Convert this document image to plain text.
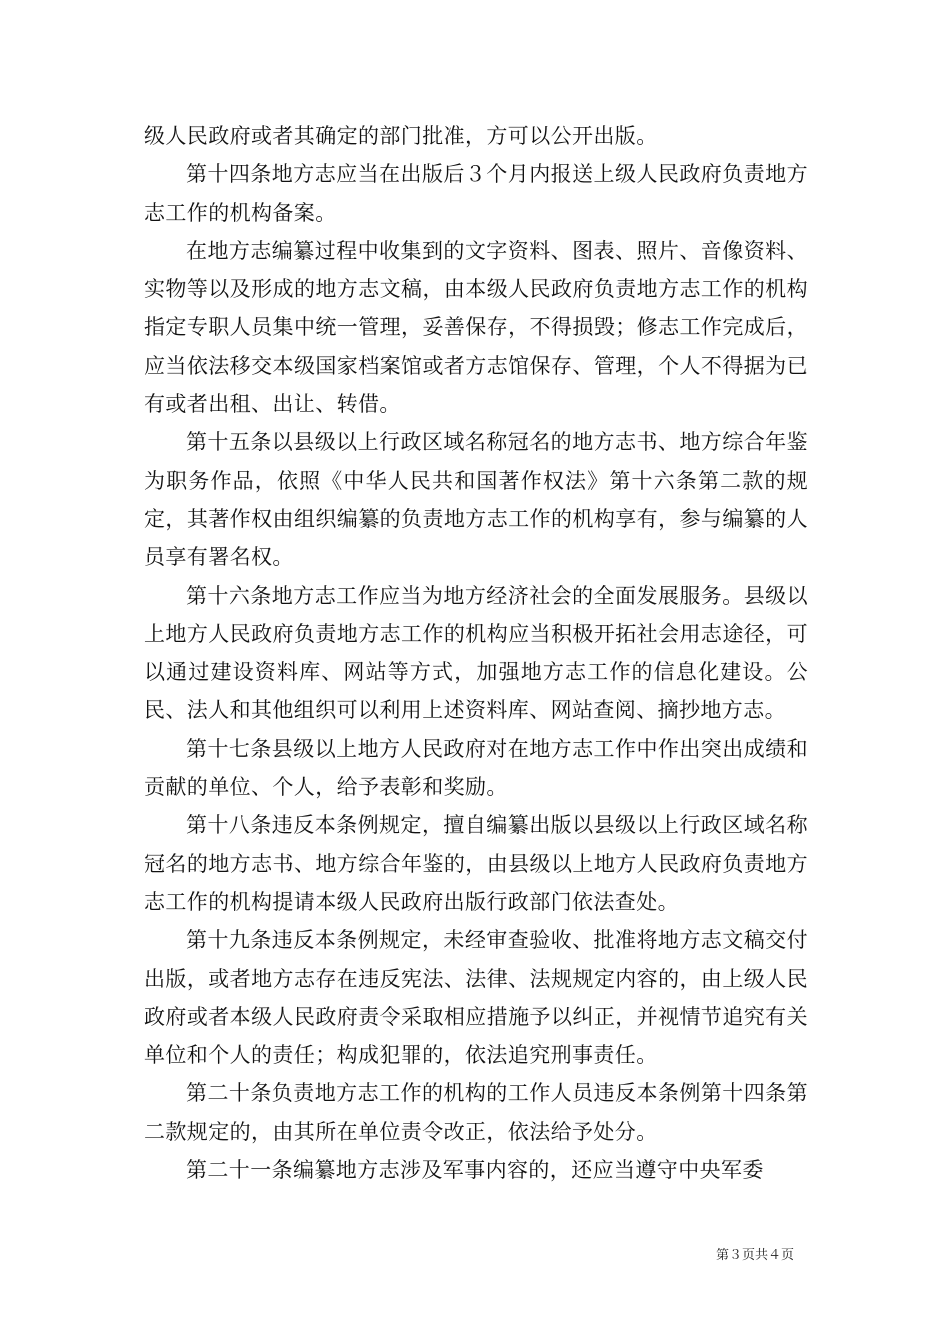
级人民政府或者其确定的部门批准，方可以公开出版。

第十四条地方志应当在出版后３个月内报送上级人民政府负责地方志工作的机构备案。

在地方志编纂过程中收集到的文字资料、图表、照片、音像资料、实物等以及形成的地方志文稿，由本级人民政府负责地方志工作的机构指定专职人员集中统一管理，妥善保存，不得损毁；修志工作完成后，应当依法移交本级国家档案馆或者方志馆保存、管理，个人不得据为已有或者出租、出让、转借。

第十五条以县级以上行政区域名称冠名的地方志书、地方综合年鉴为职务作品，依照《中华人民共和国著作权法》第十六条第二款的规定，其著作权由组织编纂的负责地方志工作的机构享有，参与编纂的人员享有署名权。

第十六条地方志工作应当为地方经济社会的全面发展服务。县级以上地方人民政府负责地方志工作的机构应当积极开拓社会用志途径，可以通过建设资料库、网站等方式，加强地方志工作的信息化建设。公民、法人和其他组织可以利用上述资料库、网站查阅、摘抄地方志。

第十七条县级以上地方人民政府对在地方志工作中作出突出成绩和贡献的单位、个人，给予表彰和奖励。

第十八条违反本条例规定，擅自编纂出版以县级以上行政区域名称冠名的地方志书、地方综合年鉴的，由县级以上地方人民政府负责地方志工作的机构提请本级人民政府出版行政部门依法查处。

第十九条违反本条例规定，未经审查验收、批准将地方志文稿交付出版，或者地方志存在违反宪法、法律、法规规定内容的，由上级人民政府或者本级人民政府责令采取相应措施予以纠正，并视情节追究有关单位和个人的责任；构成犯罪的，依法追究刑事责任。

第二十条负责地方志工作的机构的工作人员违反本条例第十四条第二款规定的，由其所在单位责令改正，依法给予处分。

第二十一条编纂地方志涉及军事内容的，还应当遵守中央军委

第３页共４页
